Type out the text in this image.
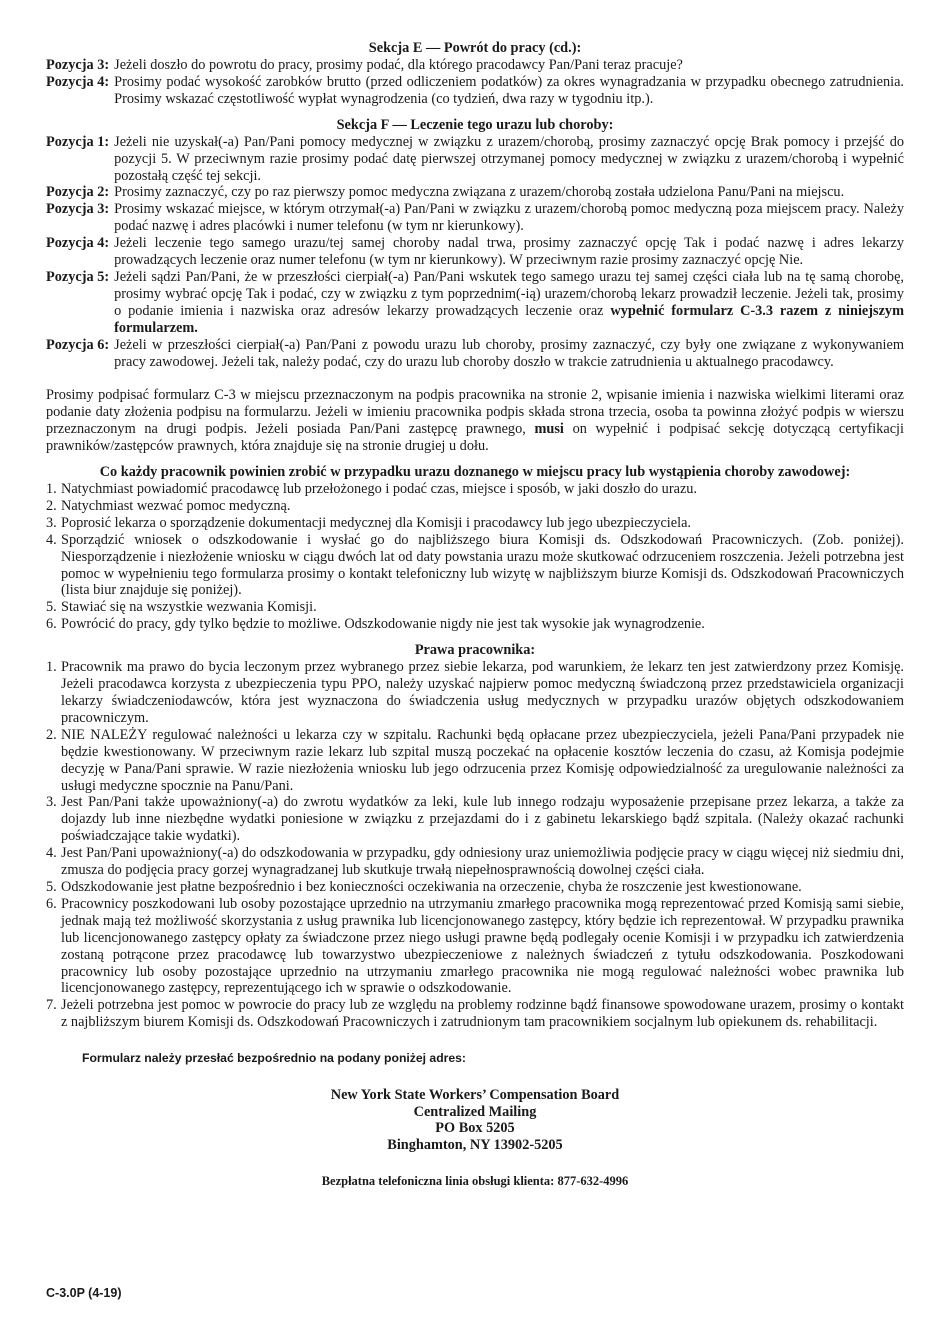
Sekcja E — Powrót do pracy (cd.):
Pozycja 3: Jeżeli doszło do powrotu do pracy, prosimy podać, dla którego pracodawcy Pan/Pani teraz pracuje?
Pozycja 4: Prosimy podać wysokość zarobków brutto (przed odliczeniem podatków) za okres wynagradzania w przypadku obecnego zatrudnienia. Prosimy wskazać częstotliwość wypłat wynagrodzenia (co tydzień, dwa razy w tygodniu itp.).
Sekcja F — Leczenie tego urazu lub choroby:
Pozycja 1: Jeżeli nie uzyskał(-a) Pan/Pani pomocy medycznej w związku z urazem/chorobą, prosimy zaznaczyć opcję Brak pomocy i przejść do pozycji 5. W przeciwnym razie prosimy podać datę pierwszej otrzymanej pomocy medycznej w związku z urazem/chorobą i wypełnić pozostałą część tej sekcji.
Pozycja 2: Prosimy zaznaczyć, czy po raz pierwszy pomoc medyczna związana z urazem/chorobą została udzielona Panu/Pani na miejscu.
Pozycja 3: Prosimy wskazać miejsce, w którym otrzymał(-a) Pan/Pani w związku z urazem/chorobą pomoc medyczną poza miejscem pracy. Należy podać nazwę i adres placówki i numer telefonu (w tym nr kierunkowy).
Pozycja 4: Jeżeli leczenie tego samego urazu/tej samej choroby nadal trwa, prosimy zaznaczyć opcję Tak i podać nazwę i adres lekarzy prowadzących leczenie oraz numer telefonu (w tym nr kierunkowy). W przeciwnym razie prosimy zaznaczyć opcję Nie.
Pozycja 5: Jeżeli sądzi Pan/Pani, że w przeszłości cierpiał(-a) Pan/Pani wskutek tego samego urazu tej samej części ciała lub na tę samą chorobę, prosimy wybrać opcję Tak i podać, czy w związku z tym poprzednim(-ią) urazem/chorobą lekarz prowadził leczenie. Jeżeli tak, prosimy o podanie imienia i nazwiska oraz adresów lekarzy prowadzących leczenie oraz wypełnić formularz C-3.3 razem z niniejszym formularzem.
Pozycja 6: Jeżeli w przeszłości cierpiał(-a) Pan/Pani z powodu urazu lub choroby, prosimy zaznaczyć, czy były one związane z wykonywaniem pracy zawodowej. Jeżeli tak, należy podać, czy do urazu lub choroby doszło w trakcie zatrudnienia u aktualnego pracodawcy.

Prosimy podpisać formularz C-3 w miejscu przeznaczonym na podpis pracownika na stronie 2, wpisanie imienia i nazwiska wielkimi literami oraz podanie daty złożenia podpisu na formularzu. Jeżeli w imieniu pracownika podpis składa strona trzecia, osoba ta powinna złożyć podpis w wierszu przeznaczonym na drugi podpis. Jeżeli posiada Pan/Pani zastępcę prawnego, musi on wypełnić i podpisać sekcję dotyczącą certyfikacji prawników/zastępców prawnych, która znajduje się na stronie drugiej u dołu.

Co każdy pracownik powinien zrobić w przypadku urazu doznanego w miejscu pracy lub wystąpienia choroby zawodowej:
1. Natychmiast powiadomić pracodawcę lub przełożonego i podać czas, miejsce i sposób, w jaki doszło do urazu.
2. Natychmiast wezwać pomoc medyczną.
3. Poprosić lekarza o sporządzenie dokumentacji medycznej dla Komisji i pracodawcy lub jego ubezpieczyciela.
4. Sporządzić wniosek o odszkodowanie i wysłać go do najbliższego biura Komisji ds. Odszkodowań Pracowniczych. (Zob. poniżej). Niesporządzenie i niezłożenie wniosku w ciągu dwóch lat od daty powstania urazu może skutkować odrzuceniem roszczenia. Jeżeli potrzebna jest pomoc w wypełnieniu tego formularza prosimy o kontakt telefoniczny lub wizytę w najbliższym biurze Komisji ds. Odszkodowań Pracowniczych (lista biur znajduje się poniżej).
5. Stawiać się na wszystkie wezwania Komisji.
6. Powrócić do pracy, gdy tylko będzie to możliwe. Odszkodowanie nigdy nie jest tak wysokie jak wynagrodzenie.
Prawa pracownika:
1. Pracownik ma prawo do bycia leczonym przez wybranego przez siebie lekarza, pod warunkiem, że lekarz ten jest zatwierdzony przez Komisję. Jeżeli pracodawca korzysta z ubezpieczenia typu PPO, należy uzyskać najpierw pomoc medyczną świadczoną przez przedstawiciela organizacji lekarzy świadczeniodawców, która jest wyznaczona do świadczenia usług medycznych w przypadku urazów objętych odszkodowaniem pracowniczym.
2. NIE NALEŻY regulować należności u lekarza czy w szpitalu. Rachunki będą opłacane przez ubezpieczyciela, jeżeli Pana/Pani przypadek nie będzie kwestionowany. W przeciwnym razie lekarz lub szpital muszą poczekać na opłacenie kosztów leczenia do czasu, aż Komisja podejmie decyzję w Pana/Pani sprawie. W razie niezłożenia wniosku lub jego odrzucenia przez Komisję odpowiedzialność za uregulowanie należności za usługi medyczne spocznie na Panu/Pani.
3. Jest Pan/Pani także upoważniony(-a) do zwrotu wydatków za leki, kule lub innego rodzaju wyposażenie przepisane przez lekarza, a także za dojazdy lub inne niezbędne wydatki poniesione w związku z przejazdami do i z gabinetu lekarskiego bądź szpitala. (Należy okazać rachunki poświadczające takie wydatki).
4. Jest Pan/Pani upoważniony(-a) do odszkodowania w przypadku, gdy odniesiony uraz uniemożliwia podjęcie pracy w ciągu więcej niż siedmiu dni, zmusza do podjęcia pracy gorzej wynagradzanej lub skutkuje trwałą niepełnosprawnością dowolnej części ciała.
5. Odszkodowanie jest płatne bezpośrednio i bez konieczności oczekiwania na orzeczenie, chyba że roszczenie jest kwestionowane.
6. Pracownicy poszkodowani lub osoby pozostające uprzednio na utrzymaniu zmarłego pracownika mogą reprezentować przed Komisją sami siebie, jednak mają też możliwość skorzystania z usług prawnika lub licencjonowanego zastępcy, który będzie ich reprezentował. W przypadku prawnika lub licencjonowanego zastępcy opłaty za świadczone przez niego usługi prawne będą podlegały ocenie Komisji i w przypadku ich zatwierdzenia zostaną potrącone przez pracodawcę lub towarzystwo ubezpieczeniowe z należnych świadczeń z tytułu odszkodowania. Poszkodowani pracownicy lub osoby pozostające uprzednio na utrzymaniu zmarłego pracownika nie mogą regulować należności wobec prawnika lub licencjonowanego zastępcy, reprezentującego ich w sprawie o odszkodowanie.
7. Jeżeli potrzebna jest pomoc w powrocie do pracy lub ze względu na problemy rodzinne bądź finansowe spowodowane urazem, prosimy o kontakt z najbliższym biurem Komisji ds. Odszkodowań Pracowniczych i zatrudnionym tam pracownikiem socjalnym lub opiekunem ds. rehabilitacji.
Formularz należy przesłać bezpośrednio na podany poniżej adres:
New York State Workers’ Compensation Board
Centralized Mailing
PO Box 5205
Binghamton, NY 13902-5205
Bezpłatna telefoniczna linia obsługi klienta: 877-632-4996
C-3.0P (4-19)
